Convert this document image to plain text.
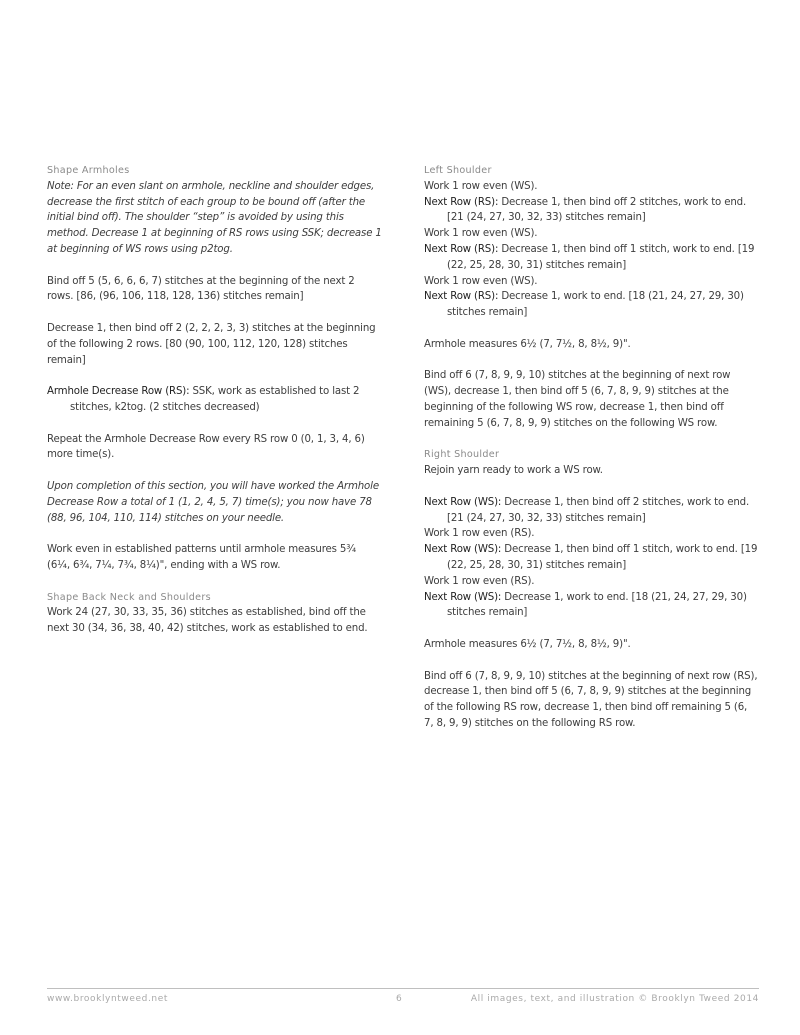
Shape Armholes

Note: For an even slant on armhole, neckline and shoulder edges, decrease the first stitch of each group to be bound off (after the initial bind off). The shoulder “step” is avoided by using this method. Decrease 1 at beginning of RS rows using SSK; decrease 1 at beginning of WS rows using p2tog.

Bind off 5 (5, 6, 6, 6, 7) stitches at the beginning of the next 2 rows. [86, (96, 106, 118, 128, 136) stitches remain]

Decrease 1, then bind off 2 (2, 2, 2, 3, 3) stitches at the beginning of the following 2 rows. [80 (90, 100, 112, 120, 128) stitches remain]

Armhole Decrease Row (RS): SSK, work as established to last 2 stitches, k2tog. (2 stitches decreased)

Repeat the Armhole Decrease Row every RS row 0 (0, 1, 3, 4, 6) more time(s).

Upon completion of this section, you will have worked the Armhole Decrease Row a total of 1 (1, 2, 4, 5, 7) time(s); you now have 78 (88, 96, 104, 110, 114) stitches on your needle.

Work even in established patterns until armhole measures 5¾ (6¼, 6¾, 7¼, 7¾, 8¼)", ending with a WS row.

Shape Back Neck and Shoulders

Work 24 (27, 30, 33, 35, 36) stitches as established, bind off the next 30 (34, 36, 38, 40, 42) stitches, work as established to end.

Left Shoulder

Work 1 row even (WS).

Next Row (RS): Decrease 1, then bind off 2 stitches, work to end. [21 (24, 27, 30, 32, 33) stitches remain]

Work 1 row even (WS).

Next Row (RS): Decrease 1, then bind off 1 stitch, work to end. [19 (22, 25, 28, 30, 31) stitches remain]

Work 1 row even (WS).

Next Row (RS): Decrease 1, work to end. [18 (21, 24, 27, 29, 30) stitches remain]

Armhole measures 6½ (7, 7½, 8, 8½, 9)".

Bind off 6 (7, 8, 9, 9, 10) stitches at the beginning of next row (WS), decrease 1, then bind off 5 (6, 7, 8, 9, 9) stitches at the beginning of the following WS row, decrease 1, then bind off remaining 5 (6, 7, 8, 9, 9) stitches on the following WS row.

Right Shoulder

Rejoin yarn ready to work a WS row.

Next Row (WS): Decrease 1, then bind off 2 stitches, work to end. [21 (24, 27, 30, 32, 33) stitches remain]

Work 1 row even (RS).

Next Row (WS): Decrease 1, then bind off 1 stitch, work to end. [19 (22, 25, 28, 30, 31) stitches remain]

Work 1 row even (RS).

Next Row (WS): Decrease 1, work to end. [18 (21, 24, 27, 29, 30) stitches remain]

Armhole measures 6½ (7, 7½, 8, 8½, 9)".

Bind off 6 (7, 8, 9, 9, 10) stitches at the beginning of next row (RS), decrease 1, then bind off 5 (6, 7, 8, 9, 9) stitches at the beginning of the following RS row, decrease 1, then bind off remaining 5 (6, 7, 8, 9, 9) stitches on the following RS row.

www.brooklyntweed.net	6	All images, text, and illustration © Brooklyn Tweed 2014
